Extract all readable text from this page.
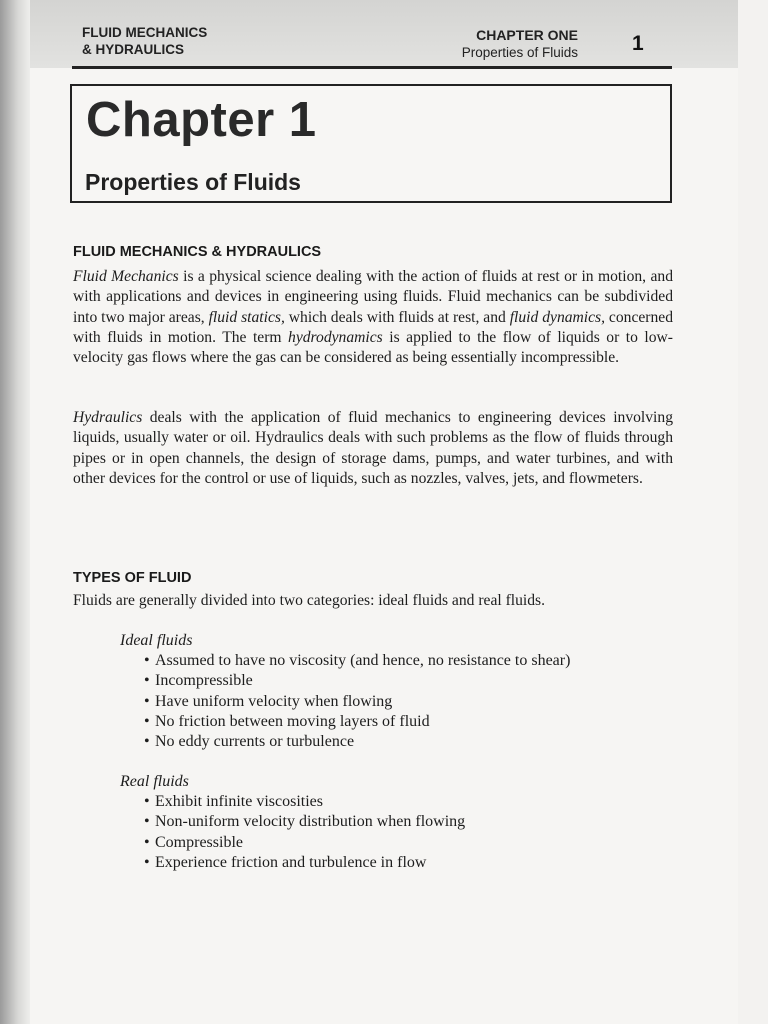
FLUID MECHANICS
& HYDRAULICS
CHAPTER ONE
Properties of Fluids	1
Chapter 1
Properties of Fluids
FLUID MECHANICS & HYDRAULICS

Fluid Mechanics is a physical science dealing with the action of fluids at rest or in motion, and with applications and devices in engineering using fluids. Fluid mechanics can be subdivided into two major areas, fluid statics, which deals with fluids at rest, and fluid dynamics, concerned with fluids in motion. The term hydrodynamics is applied to the flow of liquids or to low-velocity gas flows where the gas can be considered as being essentially incompressible.

Hydraulics deals with the application of fluid mechanics to engineering devices involving liquids, usually water or oil. Hydraulics deals with such problems as the flow of fluids through pipes or in open channels, the design of storage dams, pumps, and water turbines, and with other devices for the control or use of liquids, such as nozzles, valves, jets, and flowmeters.

TYPES OF FLUID

Fluids are generally divided into two categories: ideal fluids and real fluids.

Ideal fluids
• Assumed to have no viscosity (and hence, no resistance to shear)
• Incompressible
• Have uniform velocity when flowing
• No friction between moving layers of fluid
• No eddy currents or turbulence
Real fluids
• Exhibit infinite viscosities
• Non-uniform velocity distribution when flowing
• Compressible
• Experience friction and turbulence in flow
